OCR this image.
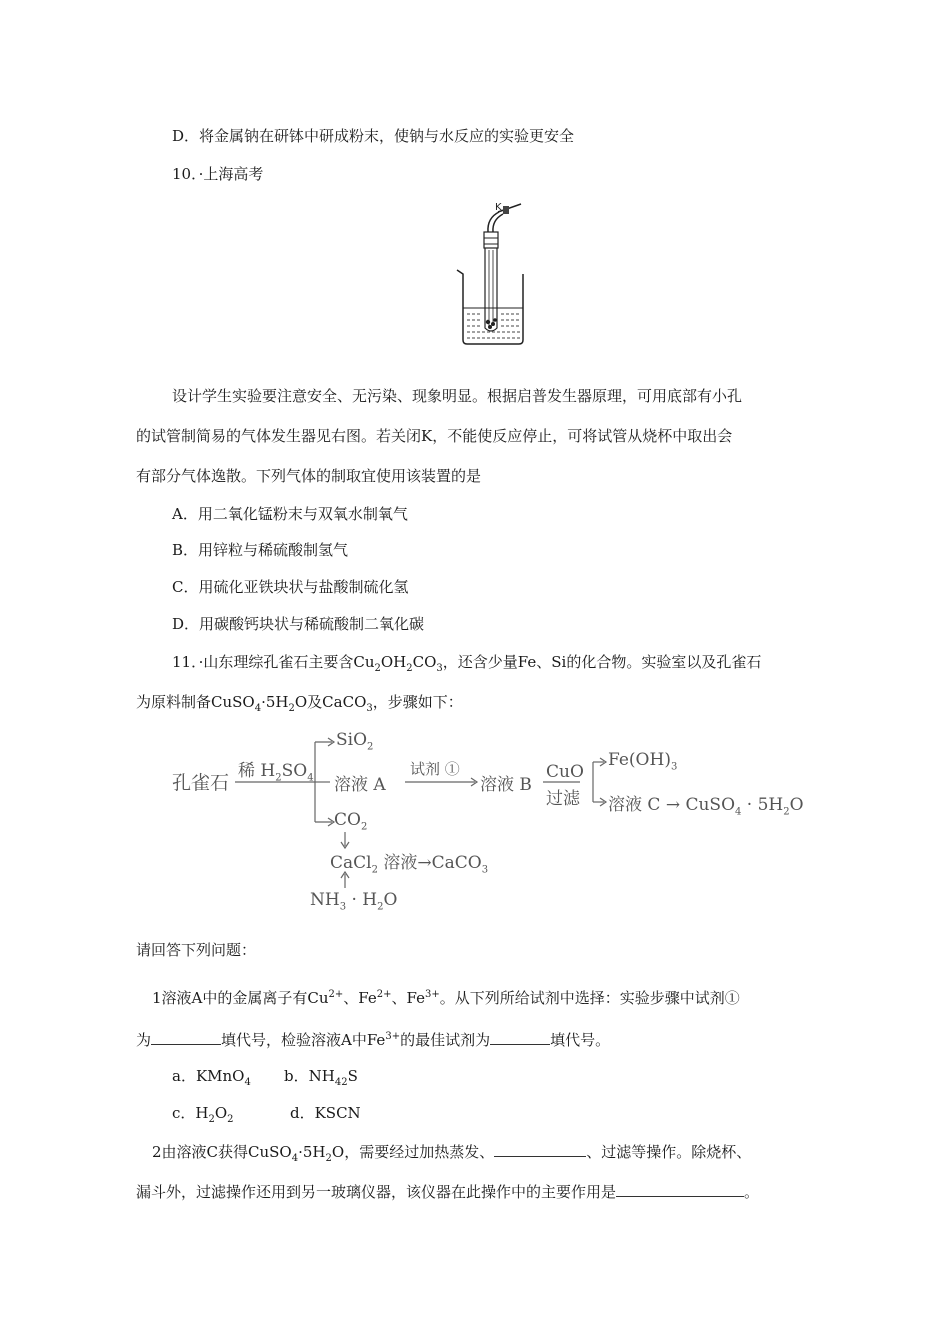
D．将金属钠在研钵中研成粉末，使钠与水反应的实验更安全
10．·上海高考
K
设计学生实验要注意安全、无污染、现象明显。根据启普发生器原理，可用底部有小孔
的试管制简易的气体发生器见右图。若关闭K，不能使反应停止，可将试管从烧杯中取出会
有部分气体逸散。下列气体的制取宜使用该装置的是
A．用二氧化锰粉末与双氧水制氧气
B．用锌粒与稀硫酸制氢气
C．用硫化亚铁块状与盐酸制硫化氢
D．用碳酸钙块状与稀硫酸制二氧化碳
11．·山东理综孔雀石主要含$Cu_2OH_2CO_3$，还含少量Fe、Si的化合物。实验室以及孔雀石
为原料制备$CuSO_4\cdot 5H_2O$及CaCO$_3$，步骤如下：
孔雀石
稀 $H_2SO_4$
SiO$_2$
溶液 A
试剂 ①
溶液 B
CuO
过滤
$Fe(OH)_3$
溶液 C → CuSO$_4$ · $5H_2O$
$CO_2$
CaCl$_2$ 溶液→CaCO$_3$
$NH_3 \cdot H_2O$
请回答下列问题：
1溶液A中的金属离子有$Cu^{2+}$、$Fe^{2+}$、$Fe^{3+}$。从下列所给试剂中选择：实验步骤中试剂①
为	填代号，检验溶液A中$Fe^{3+}$的最佳试剂为	填代号。
a．KMnO$_4$ b．$NH_{42}S$
c．$H_2O_2$	d．KSCN
2由溶液C获得$CuSO_4\cdot 5H_2O$，需要经过加热蒸发、	、过滤等操作。除烧杯、
漏斗外，过滤操作还用到另一玻璃仪器，该仪器在此操作中的主要作用是	。
